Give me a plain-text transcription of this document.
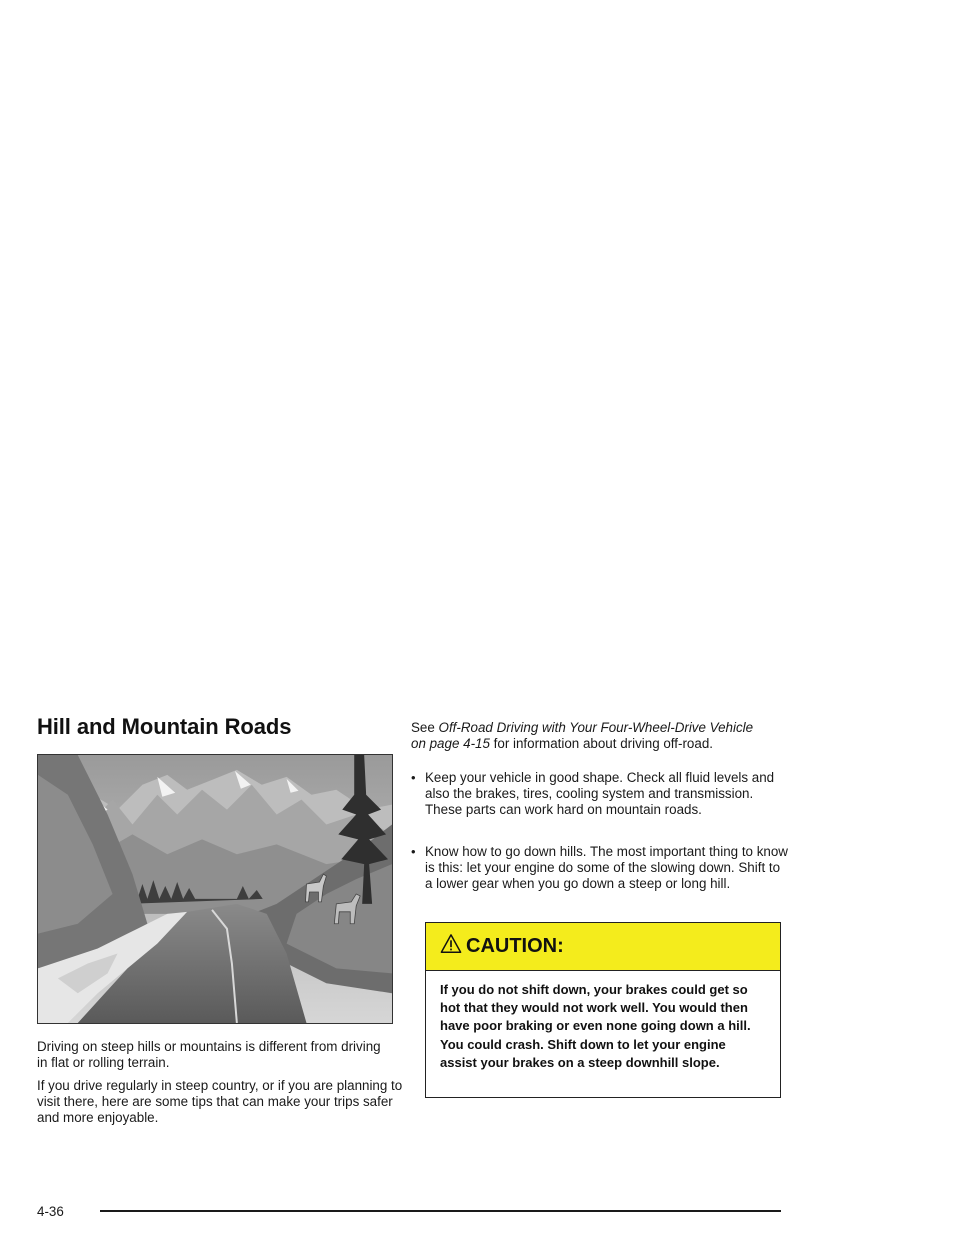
Hill and Mountain Roads

Driving on steep hills or mountains is different from driving in flat or rolling terrain.

If you drive regularly in steep country, or if you are planning to visit there, here are some tips that can make your trips safer and more enjoyable.

See Off-Road Driving with Your Four-Wheel-Drive Vehicle on page 4-15 for information about driving off-road.

• Keep your vehicle in good shape. Check all fluid levels and also the brakes, tires, cooling system and transmission. These parts can work hard on mountain roads.
• Know how to go down hills. The most important thing to know is this: let your engine do some of the slowing down. Shift to a lower gear when you go down a steep or long hill.
CAUTION:
If you do not shift down, your brakes could get so hot that they would not work well. You would then have poor braking or even none going down a hill. You could crash. Shift down to let your engine assist your brakes on a steep downhill slope.
4-36
